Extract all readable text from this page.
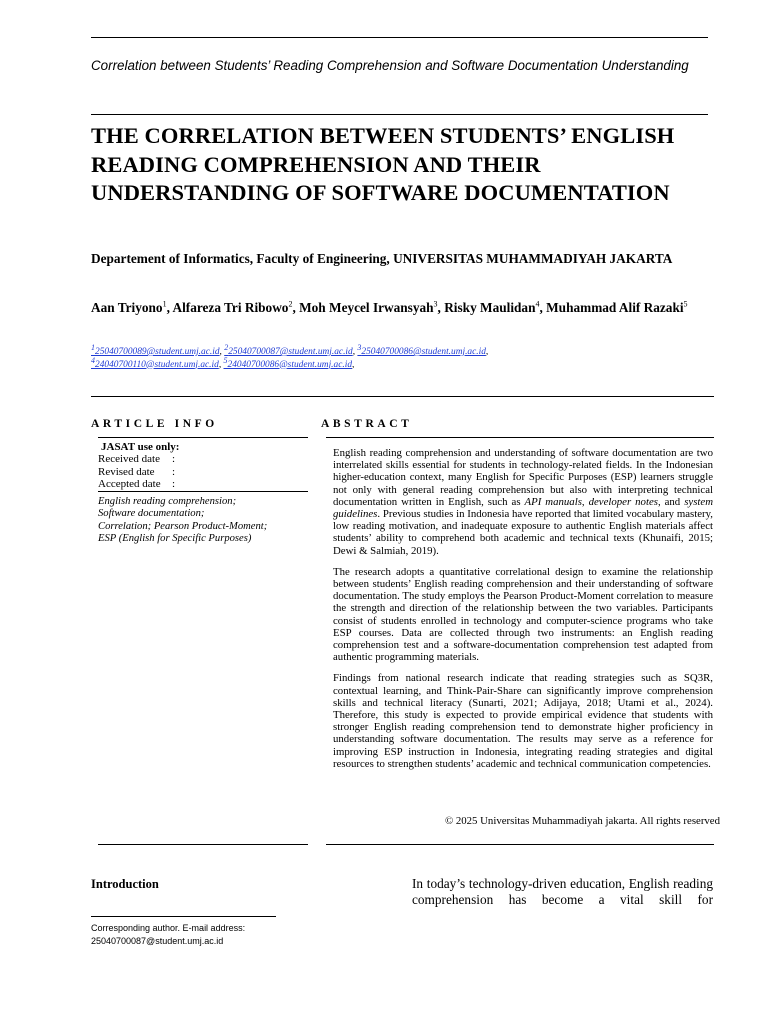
Correlation between Students’ Reading Comprehension and Software Documentation Understanding
THE CORRELATION BETWEEN STUDENTS’ ENGLISH READING COMPREHENSION AND THEIR UNDERSTANDING OF SOFTWARE DOCUMENTATION
Departement of Informatics, Faculty of Engineering, UNIVERSITAS MUHAMMADIYAH JAKARTA
Aan Triyono$^1$, Alfareza Tri Ribowo$^2$, Moh Meycel Irwansyah$^3$, Risky Maulidan$^4$, Muhammad Alif Razaki$^5$
$^1$25040700089@student.umj.ac.id, $^2$25040700087@student.umj.ac.id, $^3$25040700086@student.umj.ac.id,
$^4$24040700110@student.umj.ac.id, $^5$24040700086@student.umj.ac.id,
ARTICLE INFO	ABSTRACT
JASAT use only:
Received date	:
Revised date	:
Accepted date	:
English reading comprehension;
Software documentation;
Correlation; Pearson Product-Moment;
ESP (English for Specific Purposes)

English reading comprehension and understanding of software documentation are two interrelated skills essential for students in technology-related fields. In the Indonesian higher-education context, many English for Specific Purposes (ESP) learners struggle not only with general reading comprehension but also with interpreting technical documentation written in English, such as API manuals, developer notes, and system guidelines. Previous studies in Indonesia have reported that limited vocabulary mastery, low reading motivation, and inadequate exposure to authentic English materials affect students’ ability to comprehend both academic and technical texts (Khunaifi, 2015; Dewi & Salmiah, 2019).

The research adopts a quantitative correlational design to examine the relationship between students’ English reading comprehension and their understanding of software documentation. The study employs the Pearson Product-Moment correlation to measure the strength and direction of the relationship between the two variables. Participants consist of students enrolled in technology and computer-science programs who take ESP courses. Data are collected through two instruments: an English reading comprehension test and a software-documentation comprehension test adapted from authentic programming materials.

Findings from national research indicate that reading strategies such as SQ3R, contextual learning, and Think-Pair-Share can significantly improve comprehension skills and technical literacy (Sunarti, 2021; Adijaya, 2018; Utami et al., 2024). Therefore, this study is expected to provide empirical evidence that students with stronger English reading comprehension tend to demonstrate higher proficiency in understanding software documentation. The results may serve as a reference for improving ESP instruction in Indonesia, integrating reading strategies and digital resources to strengthen students’ academic and technical communication competencies.

© 2025 Universitas Muhammadiyah jakarta. All rights reserved
Introduction	In today’s technology-driven education, English reading comprehension has become a vital skill for
Corresponding author. E-mail address:
25040700087@student.umj.ac.id
